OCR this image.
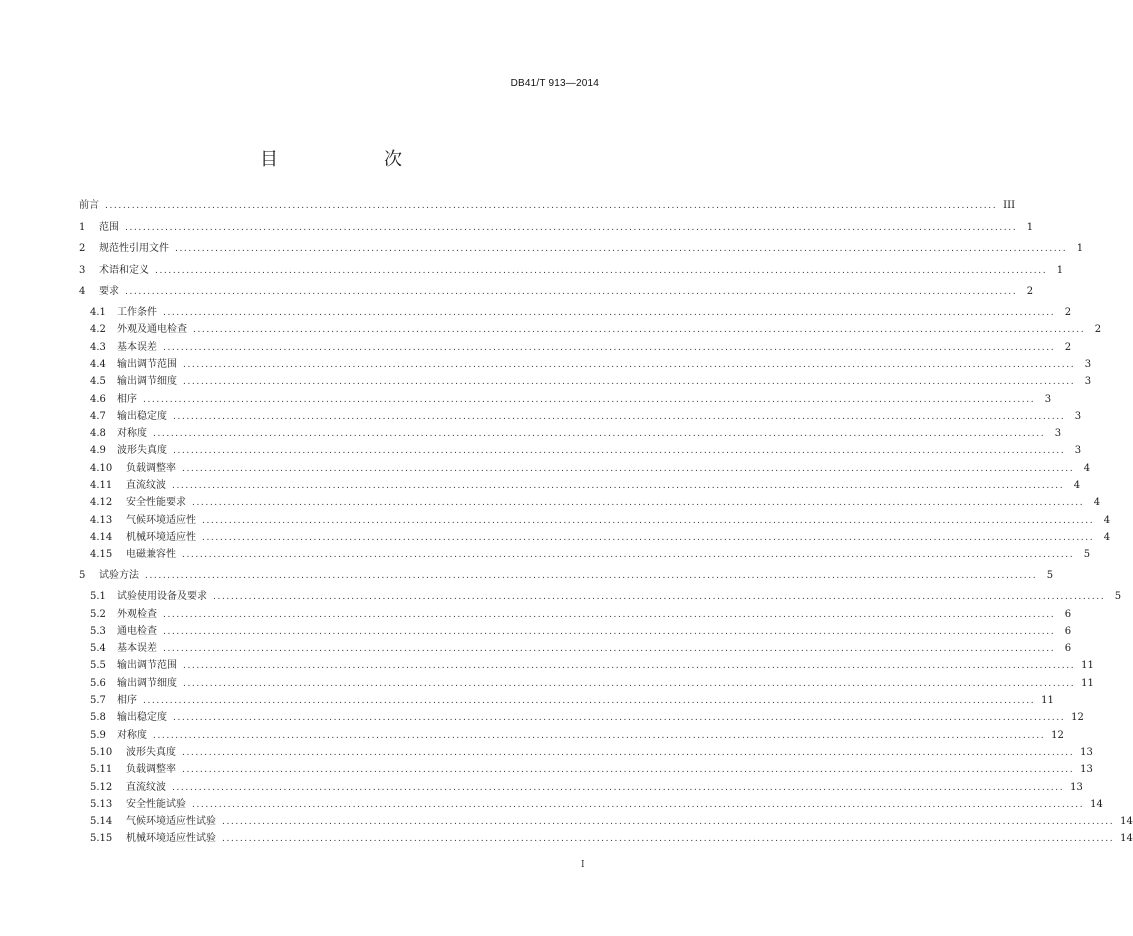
DB41/T 913—2014
目　次
前言 ........................................................................................................................................................................................................ III
1	范围 ........................................................................................................................................................................................................ 1
2	规范性引用文件 ........................................................................................................................................................................................................ 1
3	术语和定义 ........................................................................................................................................................................................................ 1
4	要求 ........................................................................................................................................................................................................ 2
4.1	工作条件 ........................................................................................................................................................................................................ 2
4.2	外观及通电检查 ........................................................................................................................................................................................................ 2
4.3	基本误差 ........................................................................................................................................................................................................ 2
4.4	输出调节范围 ........................................................................................................................................................................................................ 3
4.5	输出调节细度 ........................................................................................................................................................................................................ 3
4.6	相序 ........................................................................................................................................................................................................ 3
4.7	输出稳定度 ........................................................................................................................................................................................................ 3
4.8	对称度 ........................................................................................................................................................................................................ 3
4.9	波形失真度 ........................................................................................................................................................................................................ 3
4.10	负载调整率 ........................................................................................................................................................................................................ 4
4.11	直流纹波 ........................................................................................................................................................................................................ 4
4.12	安全性能要求 ........................................................................................................................................................................................................ 4
4.13	气候环境适应性 ........................................................................................................................................................................................................ 4
4.14	机械环境适应性 ........................................................................................................................................................................................................ 4
4.15	电磁兼容性 ........................................................................................................................................................................................................ 5
5	试验方法 ........................................................................................................................................................................................................ 5
5.1	试验使用设备及要求 ........................................................................................................................................................................................................ 5
5.2	外观检查 ........................................................................................................................................................................................................ 6
5.3	通电检查 ........................................................................................................................................................................................................ 6
5.4	基本误差 ........................................................................................................................................................................................................ 6
5.5	输出调节范围 ........................................................................................................................................................................................................ 11
5.6	输出调节细度 ........................................................................................................................................................................................................ 11
5.7	相序 ........................................................................................................................................................................................................ 11
5.8	输出稳定度 ........................................................................................................................................................................................................ 12
5.9	对称度 ........................................................................................................................................................................................................ 12
5.10	波形失真度 ........................................................................................................................................................................................................ 13
5.11	负载调整率 ........................................................................................................................................................................................................ 13
5.12	直流纹波 ........................................................................................................................................................................................................ 13
5.13	安全性能试验 ........................................................................................................................................................................................................ 14
5.14	气候环境适应性试验 ........................................................................................................................................................................................................ 14
5.15	机械环境适应性试验 ........................................................................................................................................................................................................ 14
I
